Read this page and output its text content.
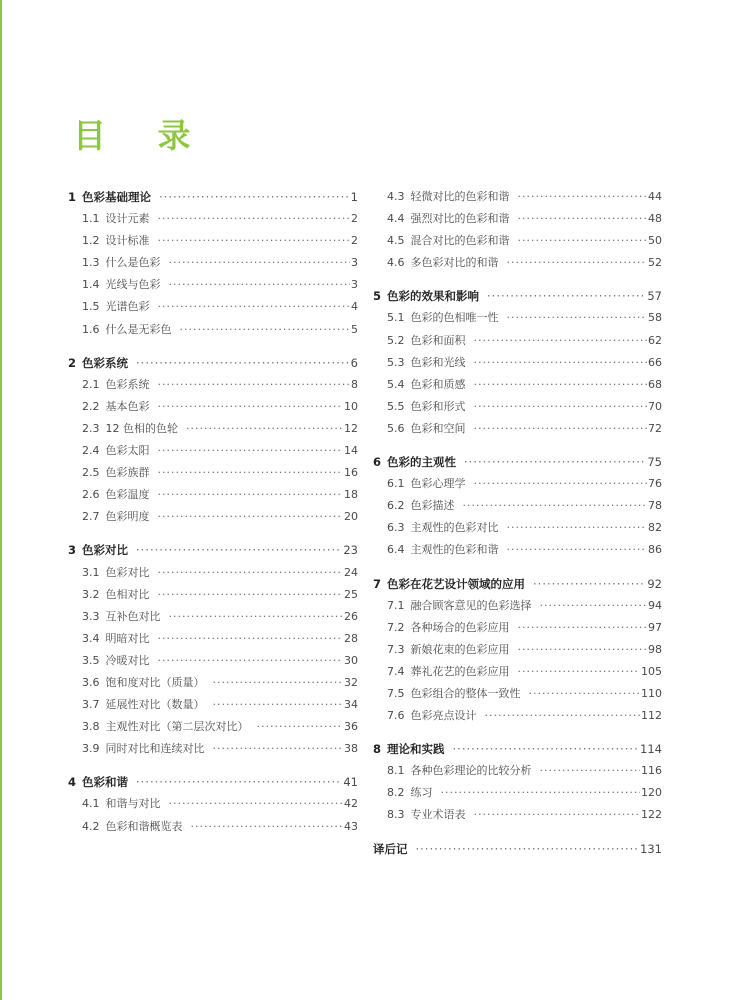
目 录
1 色彩基础理论 ·····	1
1.1 设计元素 ·····	2
1.2 设计标准 ·····	2
1.3 什么是色彩 ·····	3
1.4 光线与色彩 ·····	3
1.5 光谱色彩 ·····	4
1.6 什么是无彩色 ·····	5
2 色彩系统 ·····	6
2.1 色彩系统 ·····	8
2.2 基本色彩 ·····	10
2.3 12 色相的色轮 ·····	12
2.4 色彩太阳 ·····	14
2.5 色彩族群 ·····	16
2.6 色彩温度 ·····	18
2.7 色彩明度 ·····	20
3 色彩对比 ·····	23
3.1 色彩对比 ·····	24
3.2 色相对比 ·····	25
3.3 互补色对比 ·····	26
3.4 明暗对比 ·····	28
3.5 冷暖对比 ·····	30
3.6 饱和度对比（质量） ·····	32
3.7 延展性对比（数量） ·····	34
3.8 主观性对比（第二层次对比） ·····	36
3.9 同时对比和连续对比 ·····	38
4 色彩和谐 ·····	41
4.1 和谐与对比 ·····	42
4.2 色彩和谐概览表 ·····	43
4.3 轻微对比的色彩和谐 ·····	44
4.4 强烈对比的色彩和谐 ·····	48
4.5 混合对比的色彩和谐 ·····	50
4.6 多色彩对比的和谐 ·····	52
5 色彩的效果和影响 ·····	57
5.1 色彩的色相唯一性 ·····	58
5.2 色彩和面积 ·····	62
5.3 色彩和光线 ·····	66
5.4 色彩和质感 ·····	68
5.5 色彩和形式 ·····	70
5.6 色彩和空间 ·····	72
6 色彩的主观性 ·····	75
6.1 色彩心理学 ·····	76
6.2 色彩描述 ·····	78
6.3 主观性的色彩对比 ·····	82
6.4 主观性的色彩和谐 ·····	86
7 色彩在花艺设计领域的应用 ·····	92
7.1 融合顾客意见的色彩选择 ·····	94
7.2 各种场合的色彩应用 ·····	97
7.3 新娘花束的色彩应用 ·····	98
7.4 葬礼花艺的色彩应用 ·····	105
7.5 色彩组合的整体一致性 ·····	110
7.6 色彩亮点设计 ·····	112
8 理论和实践 ·····	114
8.1 各种色彩理论的比较分析 ·····	116
8.2 练习 ·····	120
8.3 专业术语表 ·····	122
译后记 ·····	131
